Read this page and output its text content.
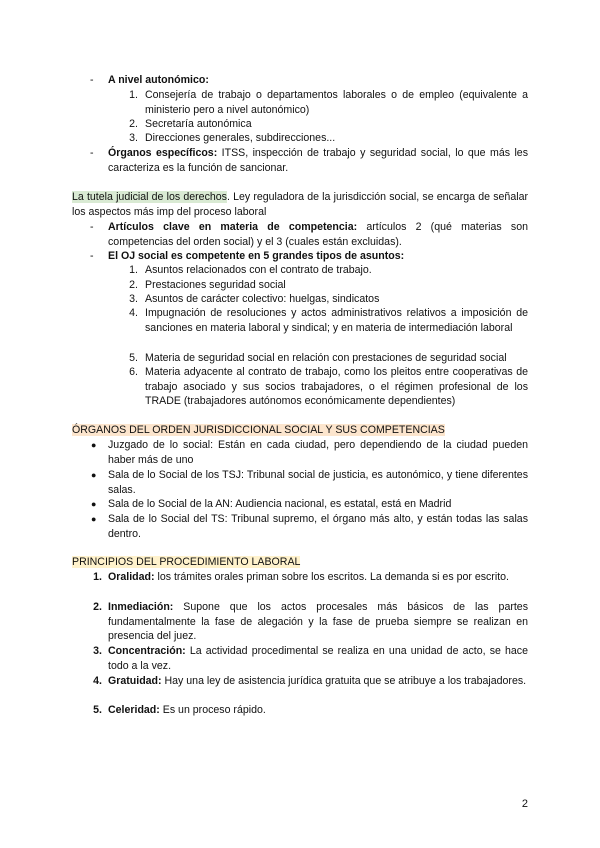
-	A nivel autonómico:
1. Consejería de trabajo o departamentos laborales o de empleo (equivalente a ministerio pero a nivel autonómico)
2. Secretaría autonómica
3. Direcciones generales, subdirecciones...
-	Órganos específicos: ITSS, inspección de trabajo y seguridad social, lo que más les caracteriza es la función de sancionar.
La tutela judicial de los derechos. Ley reguladora de la jurisdicción social, se encarga de señalar los aspectos más imp del proceso laboral
-	Artículos clave en materia de competencia: artículos 2 (qué materias son competencias del orden social) y el 3 (cuales están excluidas).
-	El OJ social es competente en 5 grandes tipos de asuntos:
1. Asuntos relacionados con el contrato de trabajo.
2. Prestaciones seguridad social
3. Asuntos de carácter colectivo: huelgas, sindicatos
4. Impugnación de resoluciones y actos administrativos relativos a imposición de sanciones en materia laboral y sindical; y en materia de intermediación laboral
5. Materia de seguridad social en relación con prestaciones de seguridad social
6. Materia adyacente al contrato de trabajo, como los pleitos entre cooperativas de trabajo asociado y sus socios trabajadores, o el régimen profesional de los TRADE (trabajadores autónomos económicamente dependientes)
ÓRGANOS DEL ORDEN JURISDICCIONAL SOCIAL Y SUS COMPETENCIAS
●	Juzgado de lo social: Están en cada ciudad, pero dependiendo de la ciudad pueden haber más de uno
●	Sala de lo Social de los TSJ: Tribunal social de justicia, es autonómico, y tiene diferentes salas.
●	Sala de lo Social de la AN: Audiencia nacional, es estatal, está en Madrid
●	Sala de lo Social del TS: Tribunal supremo, el órgano más alto, y están todas las salas dentro.
PRINCIPIOS DEL PROCEDIMIENTO LABORAL
1. Oralidad: los trámites orales priman sobre los escritos. La demanda si es por escrito.
2. Inmediación: Supone que los actos procesales más básicos de las partes fundamentalmente la fase de alegación y la fase de prueba siempre se realizan en presencia del juez.
3. Concentración: La actividad procedimental se realiza en una unidad de acto, se hace todo a la vez.
4. Gratuidad: Hay una ley de asistencia jurídica gratuita que se atribuye a los trabajadores.
5. Celeridad: Es un proceso rápido.
2
